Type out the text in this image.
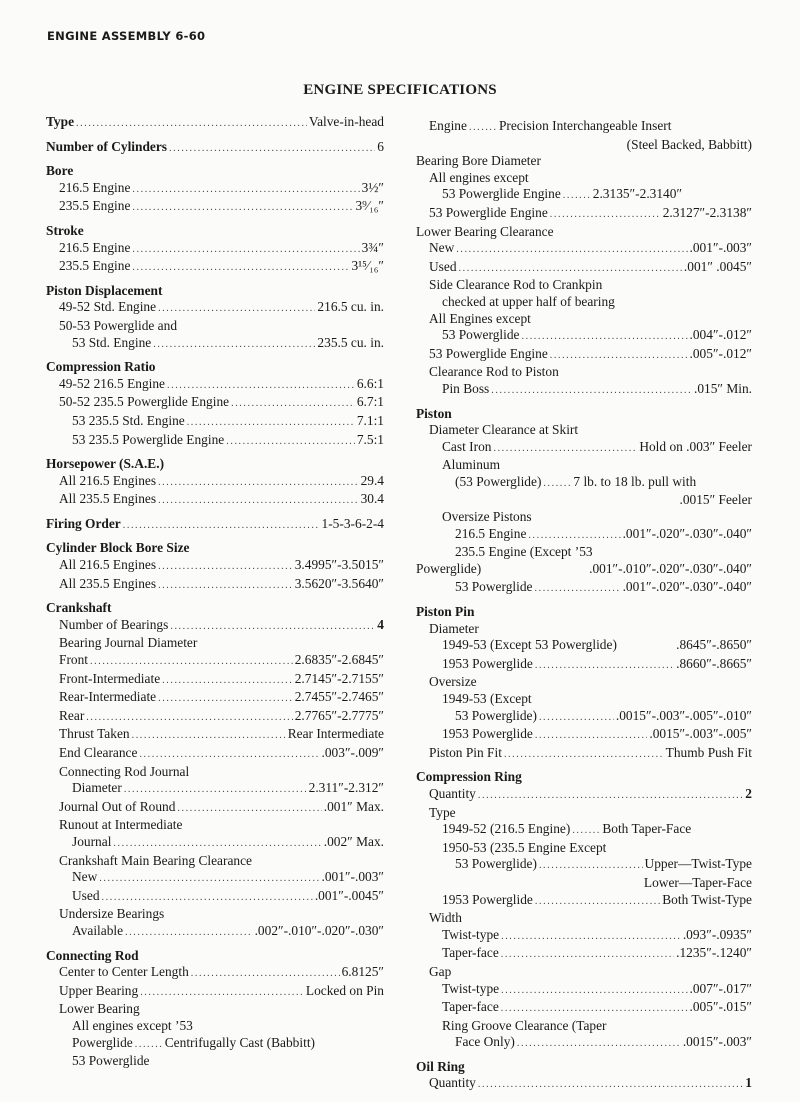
ENGINE ASSEMBLY 6-60
ENGINE SPECIFICATIONS
Type .....	Valve-in-head
Number of Cylinders .....	6
Bore
216.5 Engine .....	3½″
235.5 Engine .....	3⁹⁄₁₆″
Stroke
216.5 Engine .....	3¾″
235.5 Engine .....	3¹⁵⁄₁₆″
Piston Displacement
49-52 Std. Engine .....	216.5 cu. in.
50-53 Powerglide and
53 Std. Engine .....	235.5 cu. in.
Compression Ratio
49-52 216.5 Engine .....	6.6:1
50-52 235.5 Powerglide Engine .....	6.7:1
53 235.5 Std. Engine .....	7.1:1
53 235.5 Powerglide Engine .....	7.5:1
Horsepower (S.A.E.)
All 216.5 Engines .....	29.4
All 235.5 Engines .....	30.4
Firing Order .....	1-5-3-6-2-4
Cylinder Block Bore Size
All 216.5 Engines .....	3.4995″-3.5015″
All 235.5 Engines .....	3.5620″-3.5640″
Crankshaft
Number of Bearings .....	4
Bearing Journal Diameter
Front .....	2.6835″-2.6845″
Front-Intermediate .....	2.7145″-2.7155″
Rear-Intermediate .....	2.7455″-2.7465″
Rear .....	2.7765″-2.7775″
Thrust Taken .....	Rear Intermediate
End Clearance .....	.003″-.009″
Connecting Rod Journal
Diameter .....	2.311″-2.312″
Journal Out of Round .....	.001″ Max.
Runout at Intermediate
Journal .....	.002″ Max.
Crankshaft Main Bearing Clearance
New .....	.001″-.003″
Used .....	.001″-.0045″
Undersize Bearings
Available .....	.002″-.010″-.020″-.030″
Connecting Rod
Center to Center Length .....	6.8125″
Upper Bearing .....	Locked on Pin
Lower Bearing
All engines except ’53
Powerglide ..... Centrifugally Cast (Babbitt)
53 Powerglide
Engine ..... Precision Interchangeable Insert
(Steel Backed, Babbitt)
Bearing Bore Diameter
All engines except
53 Powerglide Engine ..... 2.3135″-2.3140″
53 Powerglide Engine .....	2.3127″-2.3138″
Lower Bearing Clearance
New .....	.001″-.003″
Used .....	.001″ .0045″
Side Clearance Rod to Crankpin
checked at upper half of bearing
All Engines except
53 Powerglide .....	.004″-.012″
53 Powerglide Engine .....	.005″-.012″
Clearance Rod to Piston
Pin Boss .....	.015″ Min.
Piston
Diameter Clearance at Skirt
Cast Iron .....	Hold on .003″ Feeler
Aluminum
(53 Powerglide) ..... 7 lb. to 18 lb. pull with
.0015″ Feeler
Oversize Pistons
216.5 Engine .....	.001″-.020″-.030″-.040″
235.5 Engine (Except ’53
Powerglide)	.001″-.010″-.020″-.030″-.040″
53 Powerglide .....	.001″-.020″-.030″-.040″
Piston Pin
Diameter
1949-53 (Except 53 Powerglide)	.8645″-.8650″
1953 Powerglide .....	.8660″-.8665″
Oversize
1949-53 (Except
53 Powerglide) .....	.0015″-.003″-.005″-.010″
1953 Powerglide .....	.0015″-.003″-.005″
Piston Pin Fit .....	Thumb Push Fit
Compression Ring
Quantity .....	2
Type
1949-52 (216.5 Engine) ..... Both Taper-Face
1950-53 (235.5 Engine Except
53 Powerglide) .....	Upper—Twist-Type
Lower—Taper-Face
1953 Powerglide .....	Both Twist-Type
Width
Twist-type .....	.093″-.0935″
Taper-face .....	.1235″-.1240″
Gap
Twist-type .....	.007″-.017″
Taper-face .....	.005″-.015″
Ring Groove Clearance (Taper
Face Only) .....	.0015″-.003″
Oil Ring
Quantity .....	1
